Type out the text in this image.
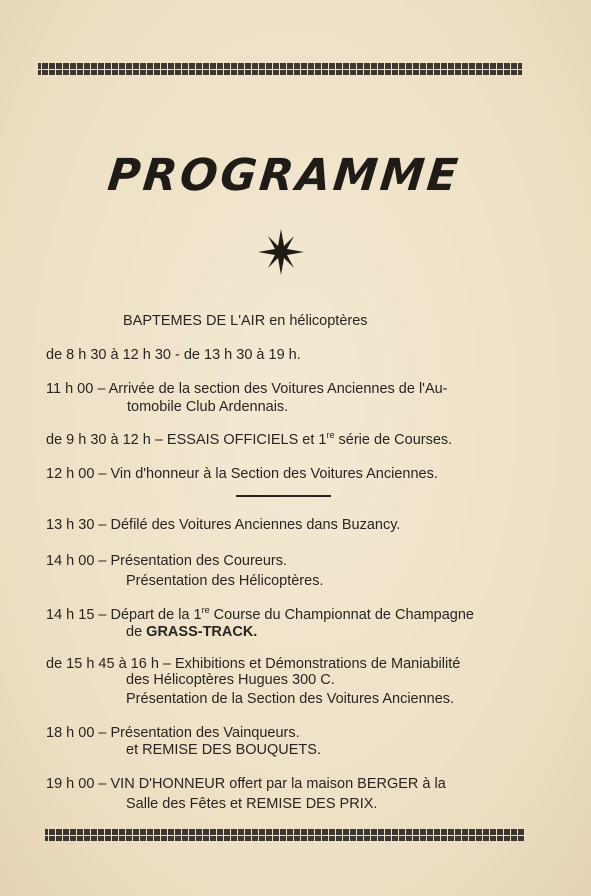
PROGRAMME
BAPTEMES DE L'AIR en hélicoptères
de 8 h 30 à 12 h 30 - de 13 h 30 à 19 h.
11 h 00 – Arrivée de la section des Voitures Anciennes de l'Au-
tomobile Club Ardennais.
de 9 h 30 à 12 h – ESSAIS OFFICIELS et 1re série de Courses.
12 h 00 – Vin d'honneur à la Section des Voitures Anciennes.
13 h 30 – Défilé des Voitures Anciennes dans Buzancy.
14 h 00 – Présentation des Coureurs.
Présentation des Hélicoptères.
14 h 15 – Départ de la 1re Course du Championnat de Champagne
de GRASS-TRACK.
de 15 h 45 à 16 h – Exhibitions et Démonstrations de Maniabilité
des Hélicoptères Hugues 300 C.
Présentation de la Section des Voitures Anciennes.
18 h 00 – Présentation des Vainqueurs.
et REMISE DES BOUQUETS.
19 h 00 – VIN D'HONNEUR offert par la maison BERGER à la
Salle des Fêtes et REMISE DES PRIX.
